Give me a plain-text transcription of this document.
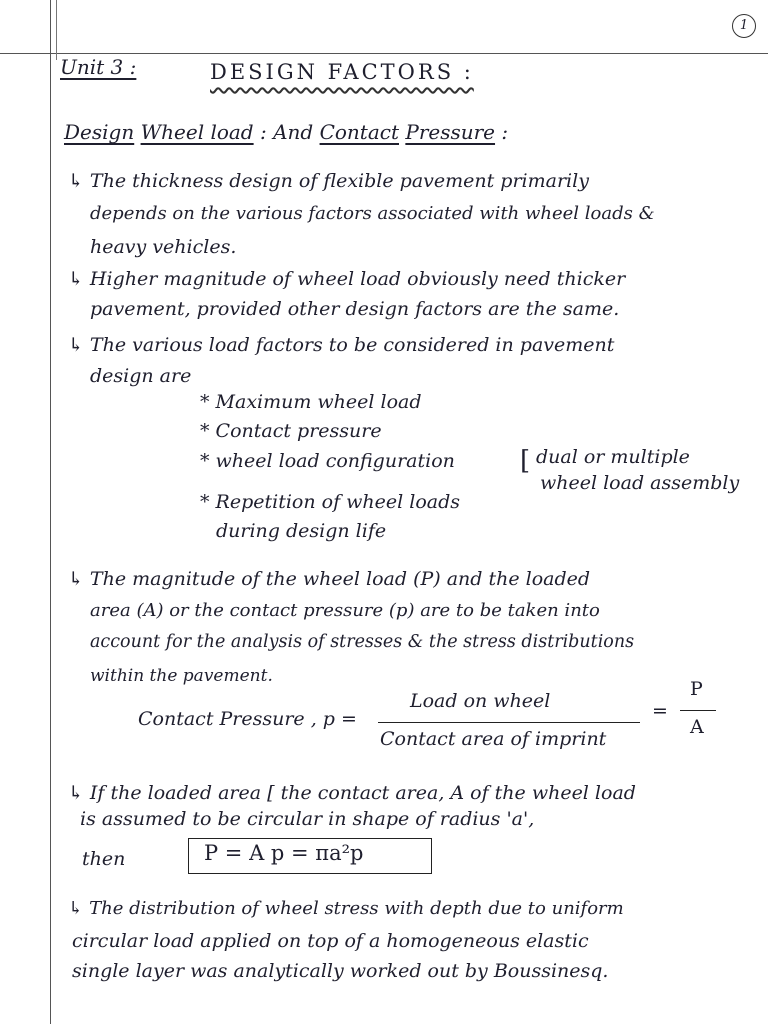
1
Unit 3 :	DESIGN FACTORS :
Design Wheel load : And Contact Pressure :
↳ The thickness design of flexible pavement primarily
depends on the various factors associated with wheel loads &
heavy vehicles.
↳ Higher magnitude of wheel load obviously need thicker
pavement, provided other design factors are the same.
↳ The various load factors to be considered in pavement
design are
* Maximum wheel load
* Contact pressure
* wheel load configuration	[ dual or multiple
wheel load assembly
* Repetition of wheel loads
during design life
↳ The magnitude of the wheel load (P) and the loaded
area (A) or the contact pressure (p) are to be taken into
account for the analysis of stresses & the stress distributions
within the pavement.
Contact Pressure , p =
Load on wheel
Contact area of imprint
=
P
A
↳ If the loaded area [ the contact area, A of the wheel load
is assumed to be circular in shape of radius 'a',
then	P = A p = πa²p
↳ The distribution of wheel stress with depth due to uniform
circular load applied on top of a homogeneous elastic
single layer was analytically worked out by Boussinesq.
